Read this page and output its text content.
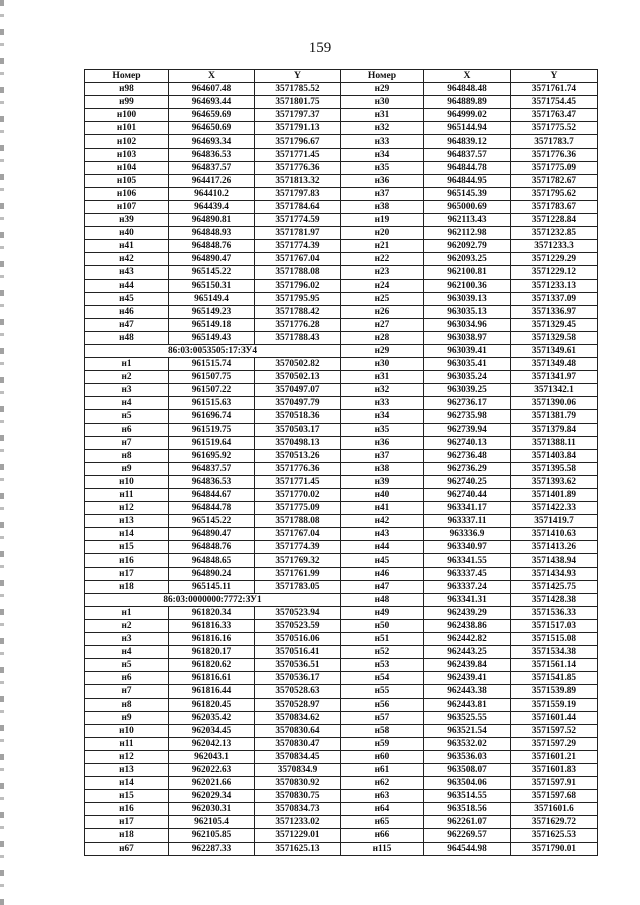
159
Номер	X	Y	Номер	X	Y
н98	964607.48	3571785.52	н29	964848.48	3571761.74
н99	964693.44	3571801.75	н30	964889.89	3571754.45
н100	964659.69	3571797.37	н31	964999.02	3571763.47
н101	964650.69	3571791.13	н32	965144.94	3571775.52
н102	964693.34	3571796.67	н33	964839.12	3571783.7
н103	964836.53	3571771.45	н34	964837.57	3571776.36
н104	964837.57	3571776.36	н35	964844.78	3571775.09
н105	964417.26	3571813.32	н36	964844.95	3571782.67
н106	964410.2	3571797.83	н37	965145.39	3571795.62
н107	964439.4	3571784.64	н38	965000.69	3571783.67
н39	964890.81	3571774.59	н19	962113.43	3571228.84
н40	964848.93	3571781.97	н20	962112.98	3571232.85
н41	964848.76	3571774.39	н21	962092.79	3571233.3
н42	964890.47	3571767.04	н22	962093.25	3571229.29
н43	965145.22	3571788.08	н23	962100.81	3571229.12
н44	965150.31	3571796.02	н24	962100.36	3571233.13
н45	965149.4	3571795.95	н25	963039.13	3571337.09
н46	965149.23	3571788.42	н26	963035.13	3571336.97
н47	965149.18	3571776.28	н27	963034.96	3571329.45
н48	965149.43	3571788.43	н28	963038.97	3571329.58
86:03:0053505:17:ЗУ4			н29	963039.41	3571349.61
н1	961515.74	3570502.82	н30	963035.41	3571349.48
н2	961507.75	3570502.13	н31	963035.24	3571341.97
н3	961507.22	3570497.07	н32	963039.25	3571342.1
н4	961515.63	3570497.79	н33	962736.17	3571390.06
н5	961696.74	3570518.36	н34	962735.98	3571381.79
н6	961519.75	3570503.17	н35	962739.94	3571379.84
н7	961519.64	3570498.13	н36	962740.13	3571388.11
н8	961695.92	3570513.26	н37	962736.48	3571403.84
н9	964837.57	3571776.36	н38	962736.29	3571395.58
н10	964836.53	3571771.45	н39	962740.25	3571393.62
н11	964844.67	3571770.02	н40	962740.44	3571401.89
н12	964844.78	3571775.09	н41	963341.17	3571422.33
н13	965145.22	3571788.08	н42	963337.11	3571419.7
н14	964890.47	3571767.04	н43	963336.9	3571410.63
н15	964848.76	3571774.39	н44	963340.97	3571413.26
н16	964848.65	3571769.32	н45	963341.55	3571438.94
н17	964890.24	3571761.99	н46	963337.45	3571434.93
н18	965145.11	3571783.05	н47	963337.24	3571425.75
86:03:0000000:7772:ЗУ1			н48	963341.31	3571428.38
н1	961820.34	3570523.94	н49	962439.29	3571536.33
н2	961816.33	3570523.59	н50	962438.86	3571517.03
н3	961816.16	3570516.06	н51	962442.82	3571515.08
н4	961820.17	3570516.41	н52	962443.25	3571534.38
н5	961820.62	3570536.51	н53	962439.84	3571561.14
н6	961816.61	3570536.17	н54	962439.41	3571541.85
н7	961816.44	3570528.63	н55	962443.38	3571539.89
н8	961820.45	3570528.97	н56	962443.81	3571559.19
н9	962035.42	3570834.62	н57	963525.55	3571601.44
н10	962034.45	3570830.64	н58	963521.54	3571597.52
н11	962042.13	3570830.47	н59	963532.02	3571597.29
н12	962043.1	3570834.45	н60	963536.03	3571601.21
н13	962022.63	3570834.9	н61	963508.07	3571601.83
н14	962021.66	3570830.92	н62	963504.06	3571597.91
н15	962029.34	3570830.75	н63	963514.55	3571597.68
н16	962030.31	3570834.73	н64	963518.56	3571601.6
н17	962105.4	3571233.02	н65	962261.07	3571629.72
н18	962105.85	3571229.01	н66	962269.57	3571625.53
н67	962287.33	3571625.13	н115	964544.98	3571790.01
